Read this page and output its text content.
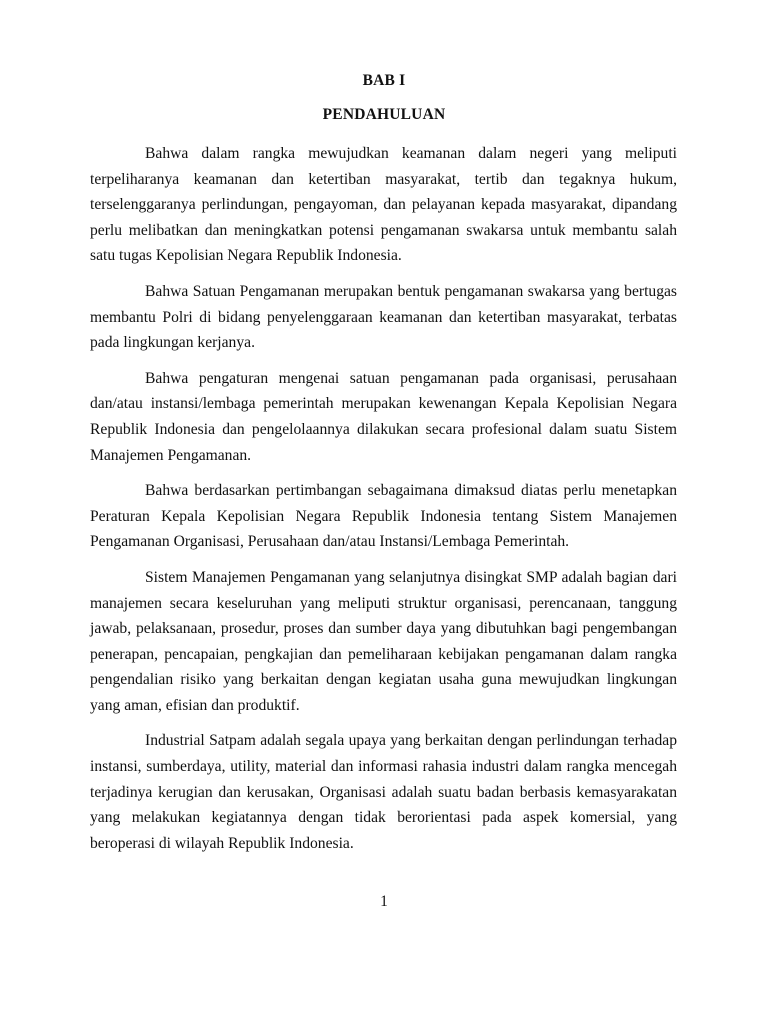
BAB I
PENDAHULUAN

Bahwa dalam rangka mewujudkan keamanan dalam negeri yang meliputi terpeliharanya keamanan dan ketertiban masyarakat, tertib dan tegaknya hukum, terselenggaranya perlindungan, pengayoman, dan pelayanan kepada masyarakat, dipandang perlu melibatkan dan meningkatkan potensi pengamanan swakarsa untuk membantu salah satu tugas Kepolisian Negara Republik Indonesia.

Bahwa Satuan Pengamanan merupakan bentuk pengamanan swakarsa yang bertugas membantu Polri di bidang penyelenggaraan keamanan dan ketertiban masyarakat, terbatas pada lingkungan kerjanya.

Bahwa pengaturan mengenai satuan pengamanan pada organisasi, perusahaan dan/atau instansi/lembaga pemerintah merupakan kewenangan Kepala Kepolisian Negara Republik Indonesia dan pengelolaannya dilakukan secara profesional dalam suatu Sistem Manajemen Pengamanan.

Bahwa berdasarkan pertimbangan sebagaimana dimaksud diatas perlu menetapkan Peraturan Kepala Kepolisian Negara Republik Indonesia tentang Sistem Manajemen Pengamanan Organisasi, Perusahaan dan/atau Instansi/Lembaga Pemerintah.

Sistem Manajemen Pengamanan yang selanjutnya disingkat SMP adalah bagian dari manajemen secara keseluruhan yang meliputi struktur organisasi, perencanaan, tanggung jawab, pelaksanaan, prosedur, proses dan sumber daya yang dibutuhkan bagi pengembangan penerapan, pencapaian, pengkajian dan pemeliharaan kebijakan pengamanan dalam rangka pengendalian risiko yang berkaitan dengan kegiatan usaha guna mewujudkan lingkungan yang aman, efisian dan produktif.

Industrial Satpam adalah segala upaya yang berkaitan dengan perlindungan terhadap instansi, sumberdaya, utility, material dan informasi rahasia industri dalam rangka mencegah terjadinya kerugian dan kerusakan, Organisasi adalah suatu badan berbasis kemasyarakatan yang melakukan kegiatannya dengan tidak berorientasi pada aspek komersial, yang beroperasi di wilayah Republik Indonesia.

1
